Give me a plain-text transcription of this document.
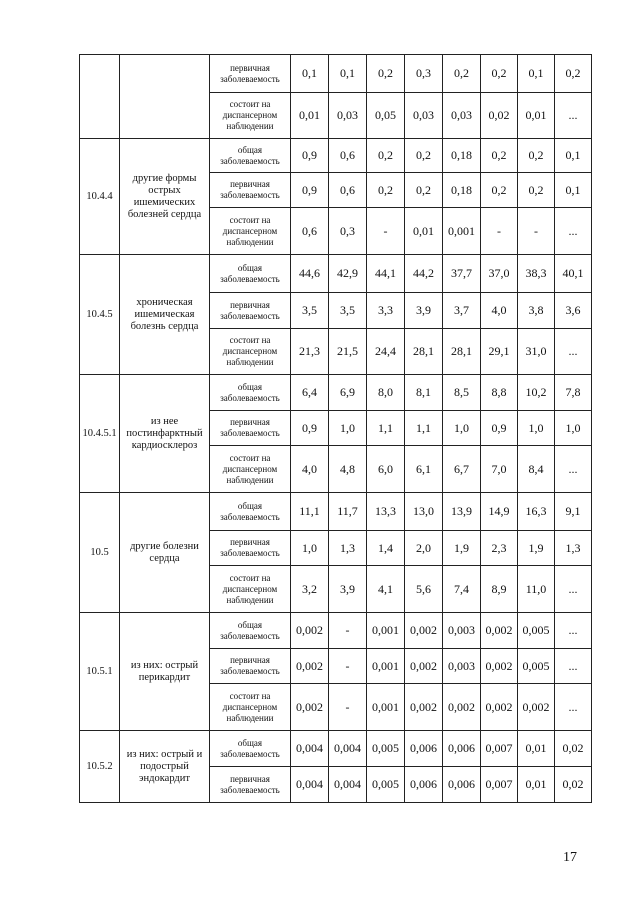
		первичная заболеваемость	0,1	0,1	0,2	0,3	0,2	0,2	0,1	0,2
		состоит на диспансерном наблюдении	0,01	0,03	0,05	0,03	0,03	0,02	0,01	...
10.4.4	другие формы острых ишемических болезней сердца	общая заболеваемость	0,9	0,6	0,2	0,2	0,18	0,2	0,2	0,1
		первичная заболеваемость	0,9	0,6	0,2	0,2	0,18	0,2	0,2	0,1
		состоит на диспансерном наблюдении	0,6	0,3	-	0,01	0,001	-	-	...
10.4.5	хроническая ишемическая болезнь сердца	общая заболеваемость	44,6	42,9	44,1	44,2	37,7	37,0	38,3	40,1
		первичная заболеваемость	3,5	3,5	3,3	3,9	3,7	4,0	3,8	3,6
		состоит на диспансерном наблюдении	21,3	21,5	24,4	28,1	28,1	29,1	31,0	...
10.4.5.1	из нее постинфарктный кардиосклероз	общая заболеваемость	6,4	6,9	8,0	8,1	8,5	8,8	10,2	7,8
		первичная заболеваемость	0,9	1,0	1,1	1,1	1,0	0,9	1,0	1,0
		состоит на диспансерном наблюдении	4,0	4,8	6,0	6,1	6,7	7,0	8,4	...
10.5	другие болезни сердца	общая заболеваемость	11,1	11,7	13,3	13,0	13,9	14,9	16,3	9,1
		первичная заболеваемость	1,0	1,3	1,4	2,0	1,9	2,3	1,9	1,3
		состоит на диспансерном наблюдении	3,2	3,9	4,1	5,6	7,4	8,9	11,0	...
10.5.1	из них: острый перикардит	общая заболеваемость	0,002	-	0,001	0,002	0,003	0,002	0,005	...
		первичная заболеваемость	0,002	-	0,001	0,002	0,003	0,002	0,005	...
		состоит на диспансерном наблюдении	0,002	-	0,001	0,002	0,002	0,002	0,002	...
10.5.2	из них: острый и подострый эндокардит	общая заболеваемость	0,004	0,004	0,005	0,006	0,006	0,007	0,01	0,02
		первичная заболеваемость	0,004	0,004	0,005	0,006	0,006	0,007	0,01	0,02
17
